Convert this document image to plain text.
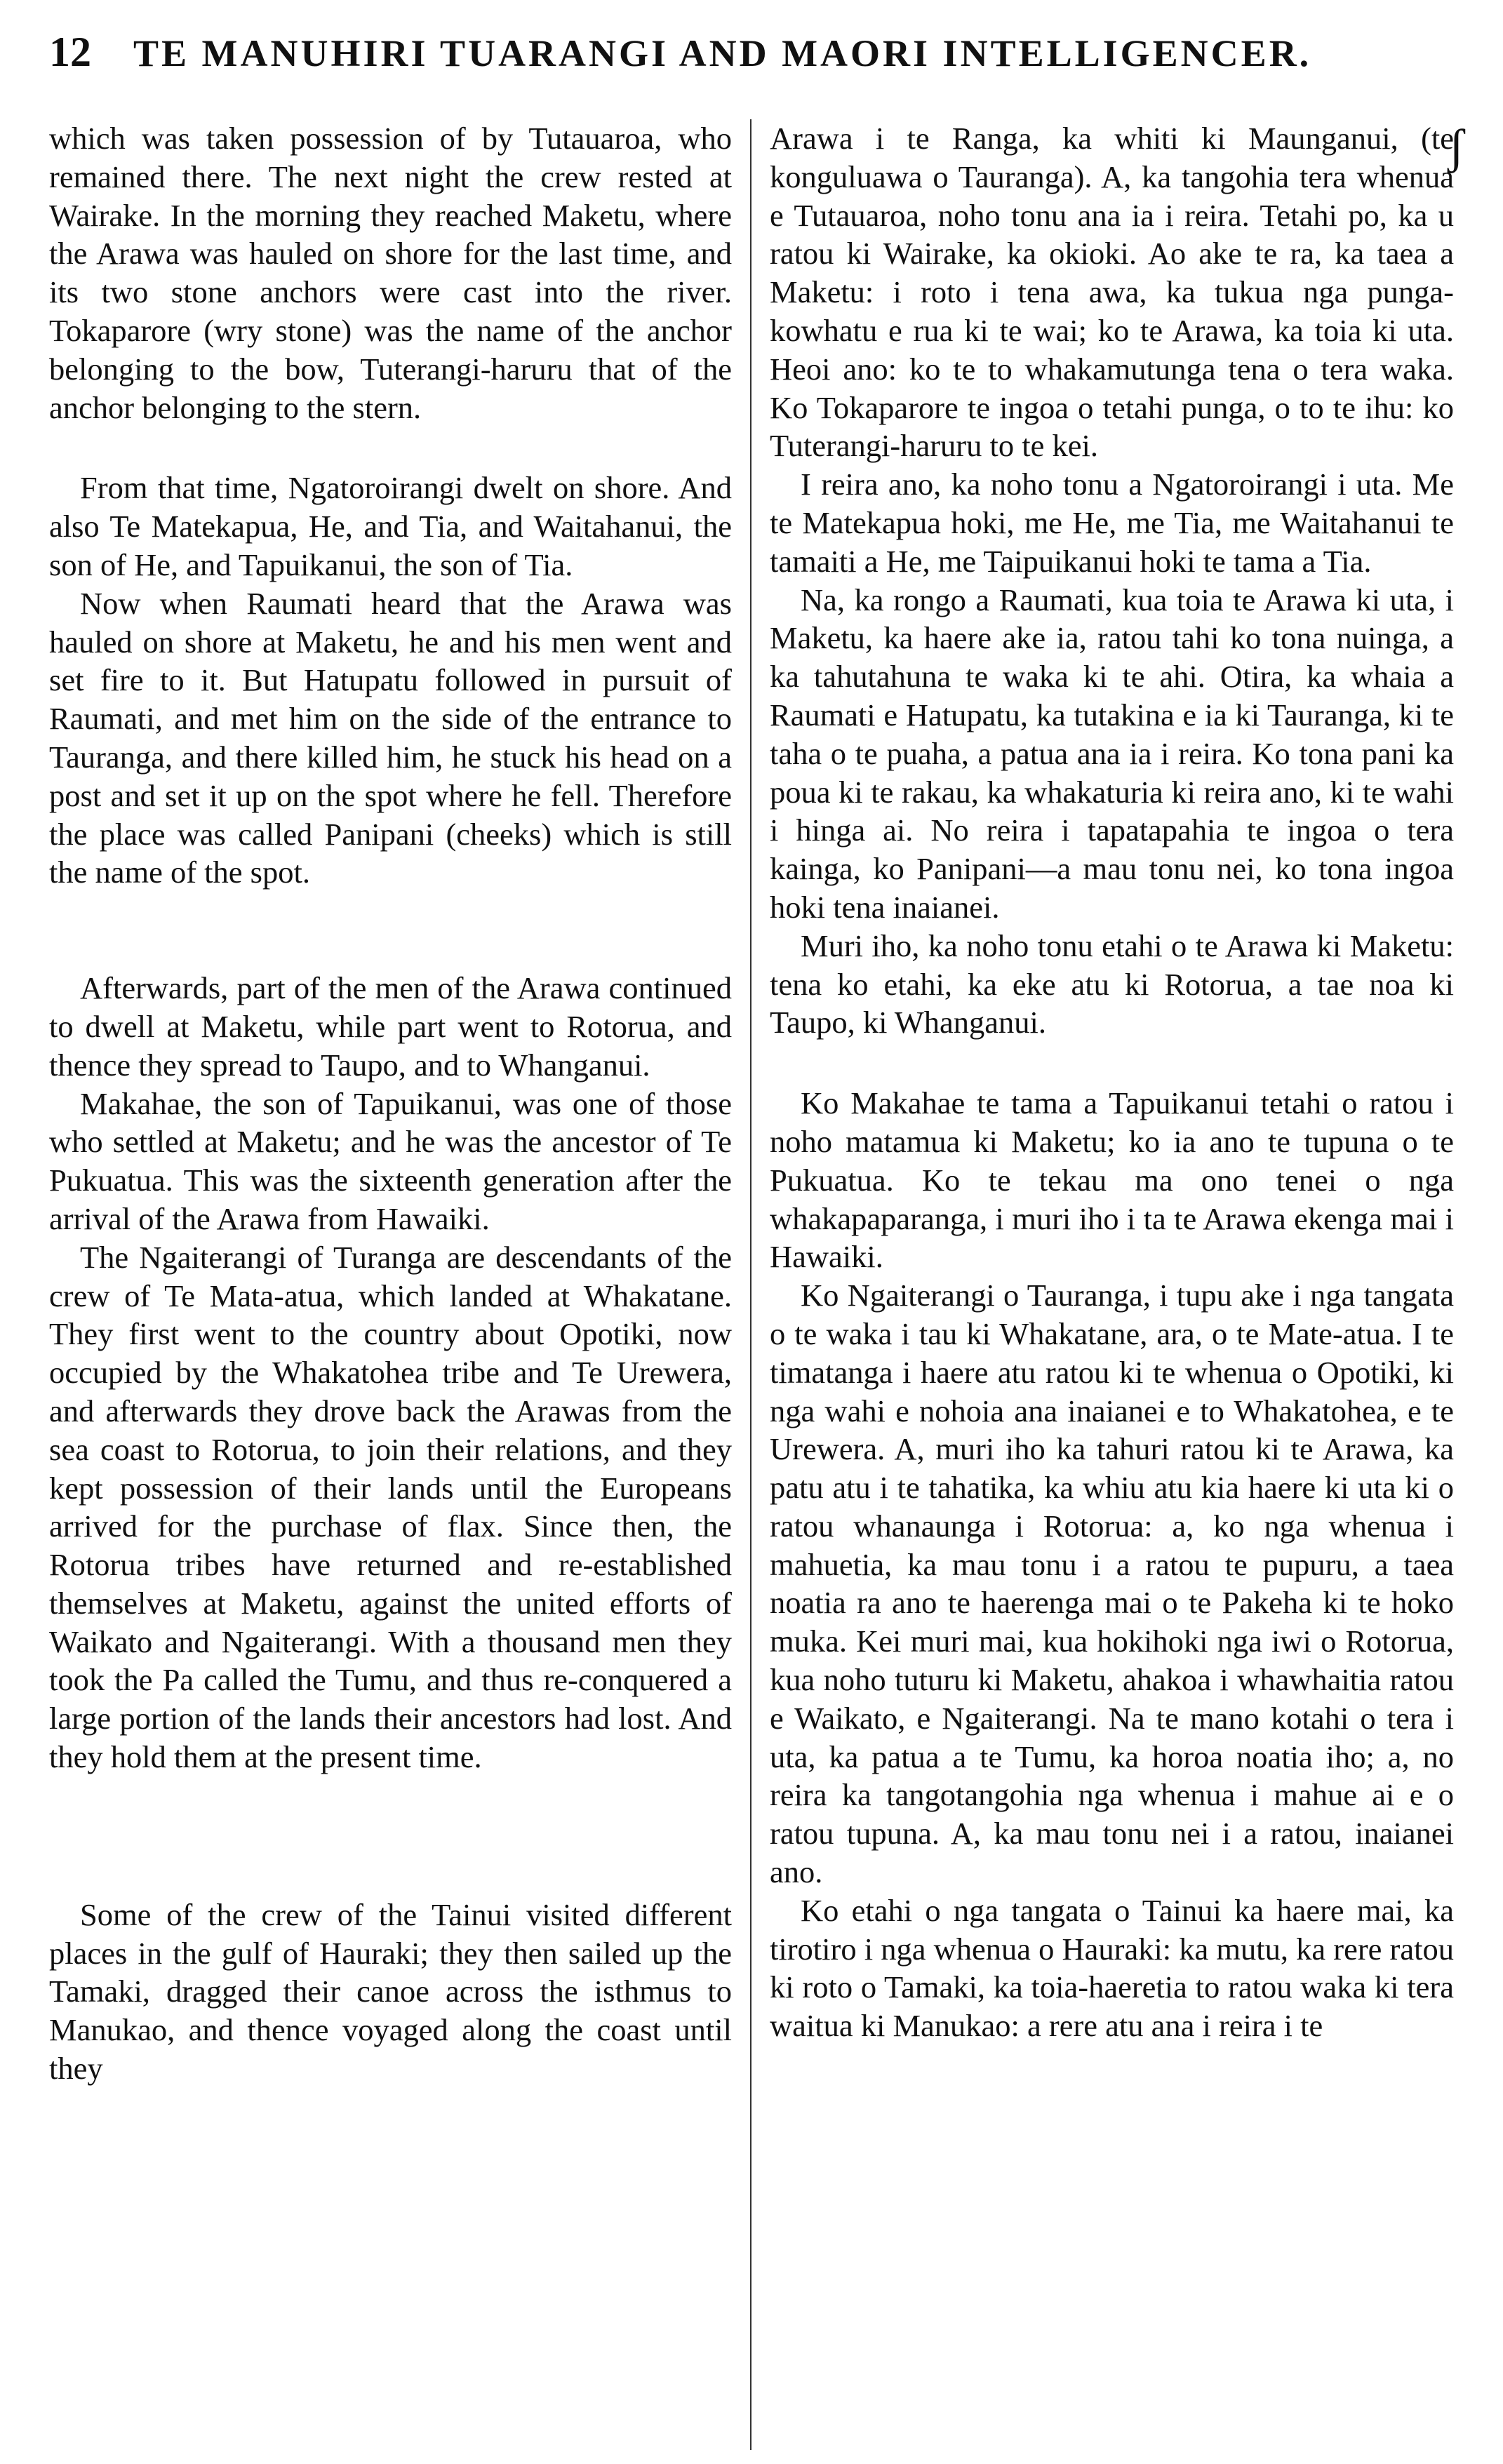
12	TE MANUHIRI TUARANGI AND MAORI INTELLIGENCER.
ʃ

which was taken possession of by Tutauaroa, who remained there. The next night the crew rested at Wairake. In the morning they reached Maketu, where the Arawa was hauled on shore for the last time, and its two stone anchors were cast into the river. Tokaparore (wry stone) was the name of the anchor belonging to the bow, Tuterangi-haruru that of the anchor belonging to the stern.

From that time, Ngatoroirangi dwelt on shore. And also Te Matekapua, He, and Tia, and Waitahanui, the son of He, and Tapuikanui, the son of Tia.

Now when Raumati heard that the Arawa was hauled on shore at Maketu, he and his men went and set fire to it. But Hatupatu followed in pursuit of Raumati, and met him on the side of the entrance to Tauranga, and there killed him, he stuck his head on a post and set it up on the spot where he fell. Therefore the place was called Panipani (cheeks) which is still the name of the spot.

Afterwards, part of the men of the Arawa continued to dwell at Maketu, while part went to Rotorua, and thence they spread to Taupo, and to Whanganui.

Makahae, the son of Tapuikanui, was one of those who settled at Maketu; and he was the ancestor of Te Pukuatua. This was the sixteenth generation after the arrival of the Arawa from Hawaiki.

The Ngaiterangi of Turanga are descendants of the crew of Te Mata-atua, which landed at Whakatane. They first went to the country about Opotiki, now occupied by the Whakatohea tribe and Te Urewera, and afterwards they drove back the Arawas from the sea coast to Rotorua, to join their relations, and they kept possession of their lands until the Europeans arrived for the purchase of flax. Since then, the Rotorua tribes have returned and re-established themselves at Maketu, against the united efforts of Waikato and Ngaiterangi. With a thousand men they took the Pa called the Tumu, and thus re-conquered a large portion of the lands their ancestors had lost. And they hold them at the present time.

Some of the crew of the Tainui visited different places in the gulf of Hauraki; they then sailed up the Tamaki, dragged their canoe across the isthmus to Manukao, and thence voyaged along the coast until they

Arawa i te Ranga, ka whiti ki Maunganui, (te konguluawa o Tauranga). A, ka tangohia tera whenua e Tutauaroa, noho tonu ana ia i reira. Tetahi po, ka u ratou ki Wairake, ka okioki. Ao ake te ra, ka taea a Maketu: i roto i tena awa, ka tukua nga punga-kowhatu e rua ki te wai; ko te Arawa, ka toia ki uta. Heoi ano: ko te to whakamutunga tena o tera waka. Ko Tokaparore te ingoa o tetahi punga, o to te ihu: ko Tuterangi-haruru to te kei.

I reira ano, ka noho tonu a Ngatoroirangi i uta. Me te Matekapua hoki, me He, me Tia, me Waitahanui te tamaiti a He, me Taipuikanui hoki te tama a Tia.

Na, ka rongo a Raumati, kua toia te Arawa ki uta, i Maketu, ka haere ake ia, ratou tahi ko tona nuinga, a ka tahutahuna te waka ki te ahi. Otira, ka whaia a Raumati e Hatupatu, ka tutakina e ia ki Tauranga, ki te taha o te puaha, a patua ana ia i reira. Ko tona pani ka poua ki te rakau, ka whakaturia ki reira ano, ki te wahi i hinga ai. No reira i tapatapahia te ingoa o tera kainga, ko Panipani—a mau tonu nei, ko tona ingoa hoki tena inaianei.

Muri iho, ka noho tonu etahi o te Arawa ki Maketu: tena ko etahi, ka eke atu ki Rotorua, a tae noa ki Taupo, ki Whanganui.

Ko Makahae te tama a Tapuikanui tetahi o ratou i noho matamua ki Maketu; ko ia ano te tupuna o te Pukuatua. Ko te tekau ma ono tenei o nga whakapaparanga, i muri iho i ta te Arawa ekenga mai i Hawaiki.

Ko Ngaiterangi o Tauranga, i tupu ake i nga tangata o te waka i tau ki Whakatane, ara, o te Mate-atua. I te timatanga i haere atu ratou ki te whenua o Opotiki, ki nga wahi e nohoia ana inaianei e to Whakatohea, e te Urewera. A, muri iho ka tahuri ratou ki te Arawa, ka patu atu i te tahatika, ka whiu atu kia haere ki uta ki o ratou whanaunga i Rotorua: a, ko nga whenua i mahuetia, ka mau tonu i a ratou te pupuru, a taea noatia ra ano te haerenga mai o te Pakeha ki te hoko muka. Kei muri mai, kua hokihoki nga iwi o Rotorua, kua noho tuturu ki Maketu, ahakoa i whawhaitia ratou e Waikato, e Ngaiterangi. Na te mano kotahi o tera i uta, ka patua a te Tumu, ka horoa noatia iho; a, no reira ka tangotangohia nga whenua i mahue ai e o ratou tupuna. A, ka mau tonu nei i a ratou, inaianei ano.

Ko etahi o nga tangata o Tainui ka haere mai, ka tirotiro i nga whenua o Hauraki: ka mutu, ka rere ratou ki roto o Tamaki, ka toia-haeretia to ratou waka ki tera waitua ki Manukao: a rere atu ana i reira i te
